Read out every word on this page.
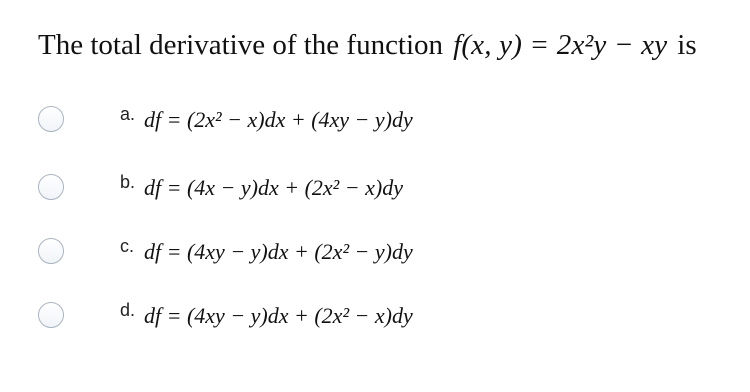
The total derivative of the function f(x, y) = 2x²y − xy is
a. df = (2x² − x)dx + (4xy − y)dy
b. df = (4x − y)dx + (2x² − x)dy
c. df = (4xy − y)dx + (2x² − y)dy
d. df = (4xy − y)dx + (2x² − x)dy
